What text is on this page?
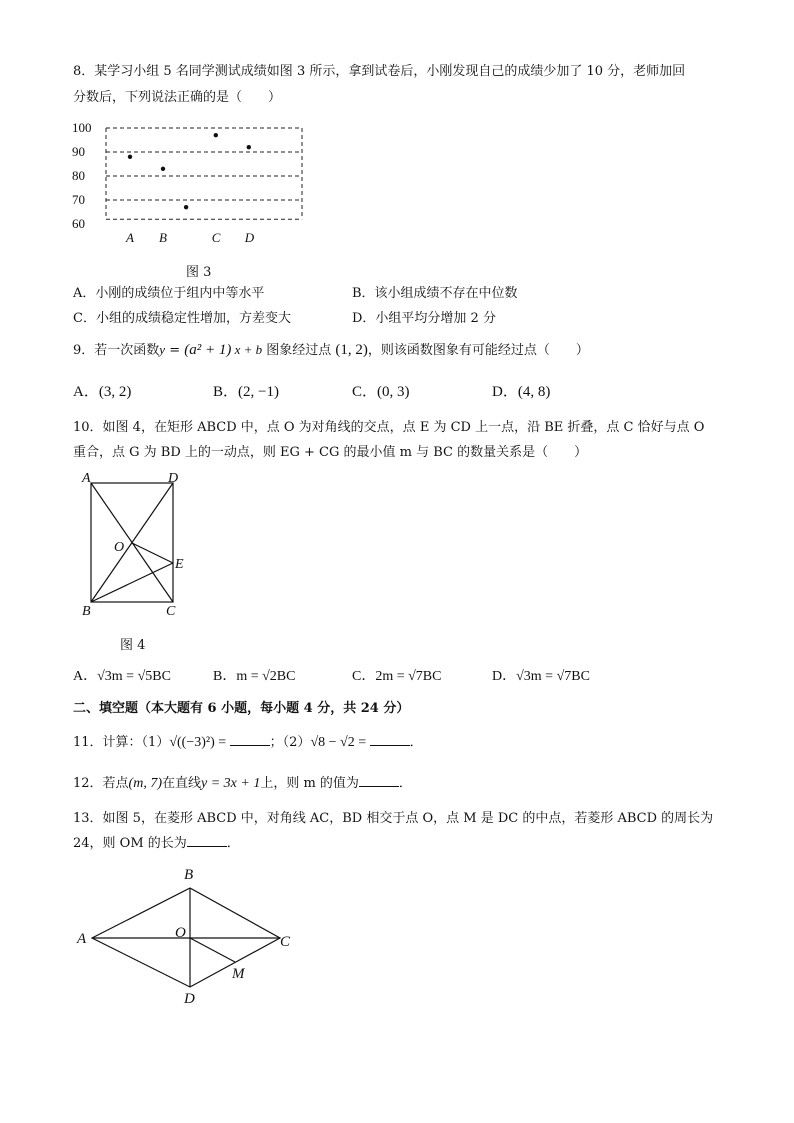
8．某学习小组 5 名同学测试成绩如图 3 所示，拿到试卷后，小刚发现自己的成绩少加了 10 分，老师加回
分数后，下列说法正确的是（　　）
100
90
80
70
60
A B	C D
图 3
A．小刚的成绩位于组内中等水平	B．该小组成绩不存在中位数
C．小组的成绩稳定性增加，方差变大	D．小组平均分增加 2 分
9．若一次函数y = (a² + 1) x + b 图象经过点 (1, 2)，则该函数图象有可能经过点（　　）
A．(3, 2)	B．(2, −1)	C．(0, 3)	D．(4, 8)
10．如图 4，在矩形 ABCD 中，点 O 为对角线的交点，点 E 为 CD 上一点，沿 BE 折叠，点 C 恰好与点 O
重合，点 G 为 BD 上的一动点，则 EG + CG 的最小值 m 与 BC 的数量关系是（　　）
A	D
O
E
B	C
图 4
A．√3m = √5BC	B．m = √2BC	C．2m = √7BC	D．√3m = √7BC
二、填空题（本大题有 6 小题，每小题 4 分，共 24 分）
11．计算：（1）√((−3)²) =	；（2）√8 − √2 =	．
12．若点(m, 7)在直线y = 3x + 1上，则 m 的值为	．
13．如图 5，在菱形 ABCD 中，对角线 AC，BD 相交于点 O，点 M 是 DC 的中点，若菱形 ABCD 的周长为
24，则 OM 的长为	．
B
A	O
C
M
D
